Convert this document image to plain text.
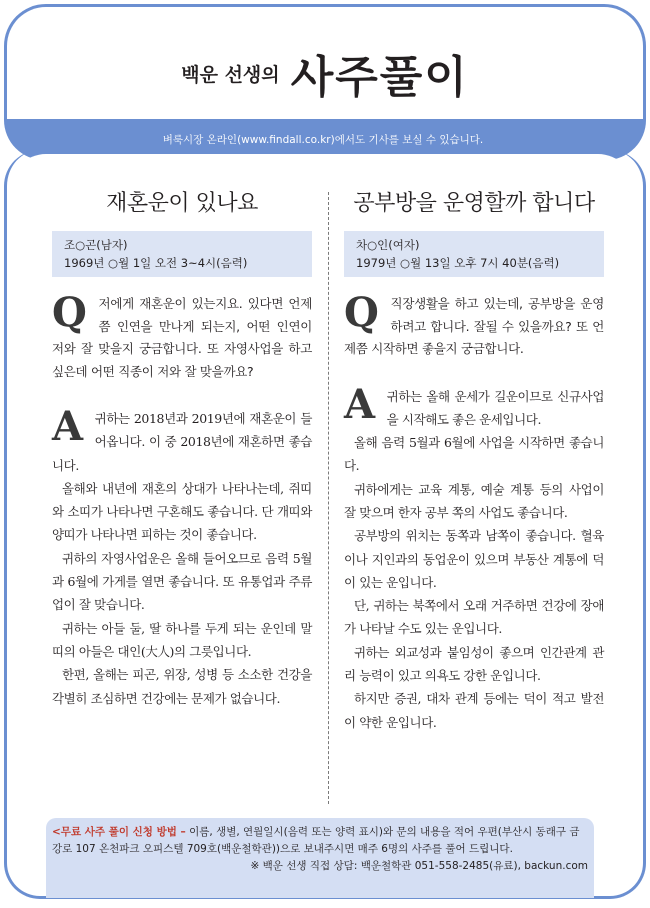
백운 선생의 사주풀이
벼룩시장 온라인(www.findall.co.kr)에서도 기사를 보실 수 있습니다.
재혼운이 있나요
조○곤(남자)
1969년 ○월 1일 오전 3~4시(음력)
Q 저에게 재혼운이 있는지요. 있다면 언제쯤 인연을 만나게 되는지, 어떤 인연이 저와 잘 맞을지 궁금합니다. 또 자영사업을 하고 싶은데 어떤 직종이 저와 잘 맞을까요?
A 귀하는 2018년과 2019년에 재혼운이 들어옵니다. 이 중 2018년에 재혼하면 좋습니다.

올해와 내년에 재혼의 상대가 나타나는데, 쥐띠와 소띠가 나타나면 구혼해도 좋습니다. 단 개띠와 양띠가 나타나면 피하는 것이 좋습니다.

귀하의 자영사업운은 올해 들어오므로 음력 5월과 6월에 가게를 열면 좋습니다. 또 유통업과 주류업이 잘 맞습니다.

귀하는 아들 둘, 딸 하나를 두게 되는 운인데 말띠의 아들은 대인(大人)의 그릇입니다.

한편, 올해는 피곤, 위장, 성병 등 소소한 건강을 각별히 조심하면 건강에는 문제가 없습니다.

공부방을 운영할까 합니다
차○인(여자)
1979년 ○월 13일 오후 7시 40분(음력)
Q 직장생활을 하고 있는데, 공부방을 운영하려고 합니다. 잘될 수 있을까요? 또 언제쯤 시작하면 좋을지 궁금합니다.
A 귀하는 올해 운세가 길운이므로 신규사업을 시작해도 좋은 운세입니다.

올해 음력 5월과 6월에 사업을 시작하면 좋습니다.

귀하에게는 교육 계통, 예술 계통 등의 사업이 잘 맞으며 한자 공부 쪽의 사업도 좋습니다.

공부방의 위치는 동쪽과 남쪽이 좋습니다. 혈육이나 지인과의 동업운이 있으며 부동산 계통에 덕이 있는 운입니다.

단, 귀하는 북쪽에서 오래 거주하면 건강에 장애가 나타날 수도 있는 운입니다.

귀하는 외교성과 붙임성이 좋으며 인간관계 관리 능력이 있고 의욕도 강한 운입니다.

하지만 증권, 대차 관계 등에는 덕이 적고 발전이 약한 운입니다.

<무료 사주 풀이 신청 방법 – 이름, 생별, 연월일시(음력 또는 양력 표시)와 문의 내용을 적어 우편(부산시 동래구 금강로 107 온천파크 오피스텔 709호(백운철학관))으로 보내주시면 매주 6명의 사주를 풀어 드립니다.
※ 백운 선생 직접 상담: 백운철학관 051-558-2485(유료), backun.com
